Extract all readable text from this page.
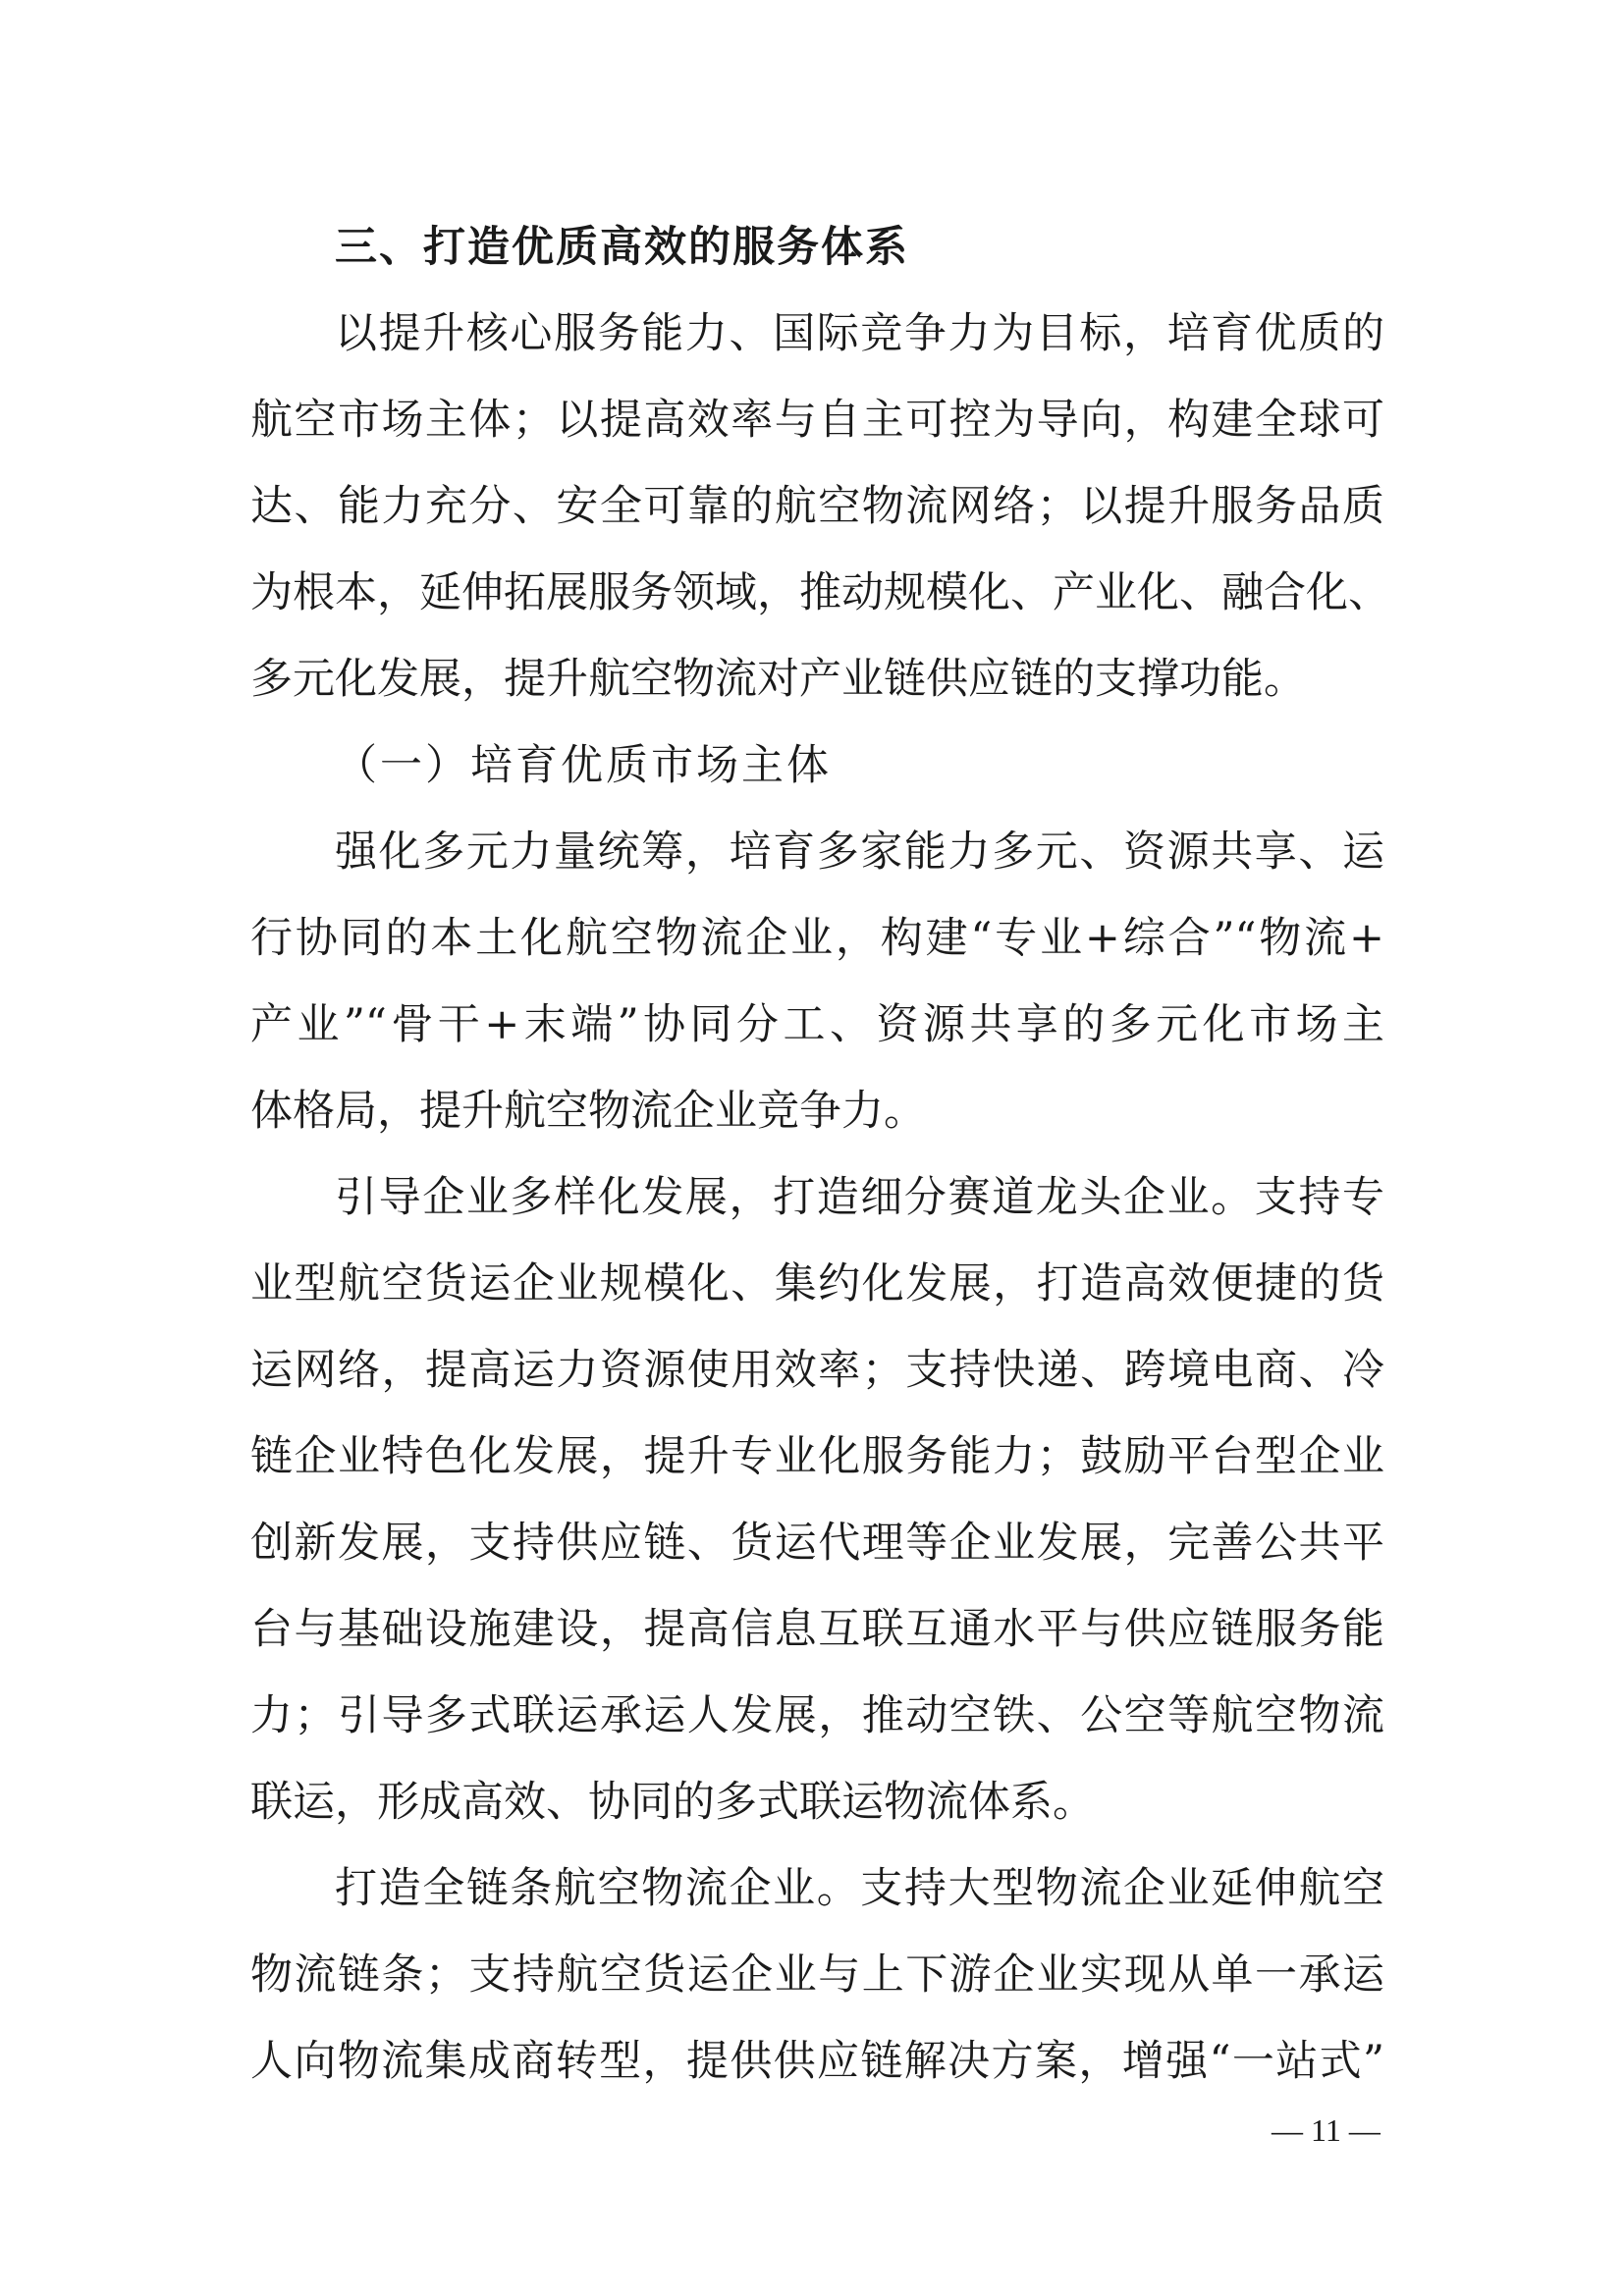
三、打造优质高效的服务体系
以提升核心服务能力、国际竞争力为目标，培育优质的
航空市场主体；以提高效率与自主可控为导向，构建全球可
达、能力充分、安全可靠的航空物流网络；以提升服务品质
为根本，延伸拓展服务领域，推动规模化、产业化、融合化、
多元化发展，提升航空物流对产业链供应链的支撑功能。
（一）培育优质市场主体
强化多元力量统筹，培育多家能力多元、资源共享、运
行协同的本土化航空物流企业，构建“专业+综合”“物流+
产业”“骨干+末端”协同分工、资源共享的多元化市场主
体格局，提升航空物流企业竞争力。
引导企业多样化发展，打造细分赛道龙头企业。支持专
业型航空货运企业规模化、集约化发展，打造高效便捷的货
运网络，提高运力资源使用效率；支持快递、跨境电商、冷
链企业特色化发展，提升专业化服务能力；鼓励平台型企业
创新发展，支持供应链、货运代理等企业发展，完善公共平
台与基础设施建设，提高信息互联互通水平与供应链服务能
力；引导多式联运承运人发展，推动空铁、公空等航空物流
联运，形成高效、协同的多式联运物流体系。
打造全链条航空物流企业。支持大型物流企业延伸航空
物流链条；支持航空货运企业与上下游企业实现从单一承运
人向物流集成商转型，提供供应链解决方案，增强“一站式”
— 11 —
